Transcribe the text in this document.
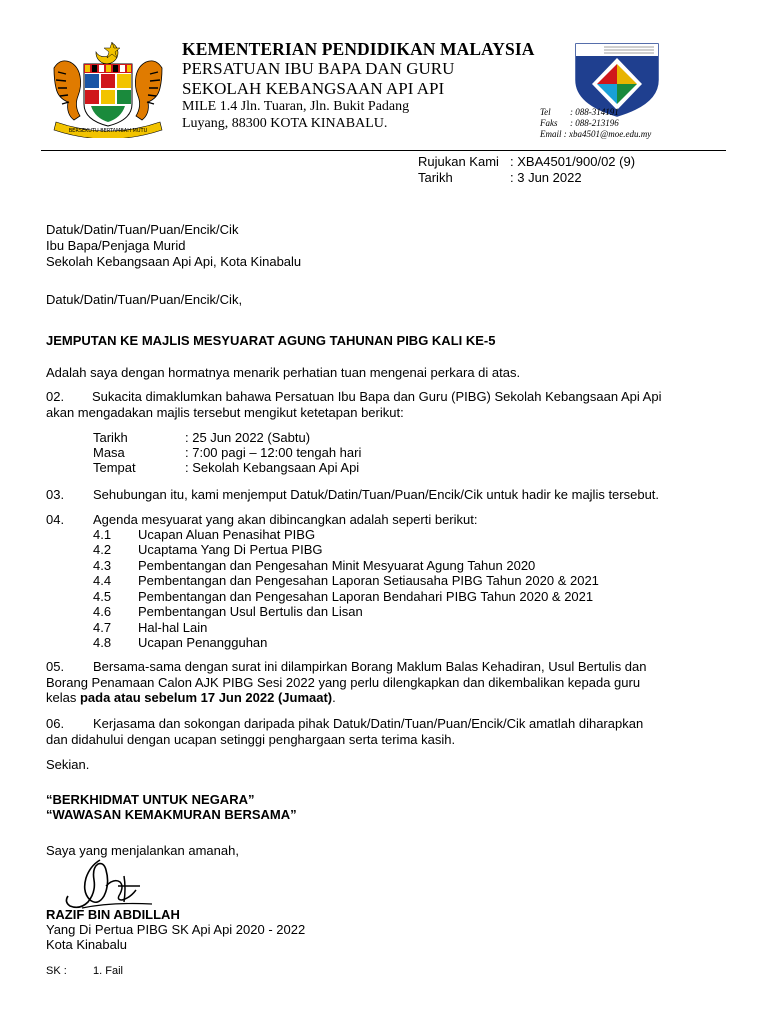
BERSEKUTU BERTAMBAH MUTU
KEMENTERIAN PENDIDIKAN MALAYSIA
PERSATUAN IBU BAPA DAN GURU
SEKOLAH KEBANGSAAN API API
MILE 1.4 Jln. Tuaran, Jln. Bukit Padang
Luyang, 88300 KOTA KINABALU.
Tel : 088-314191
Faks : 088-213196
Email : xba4501@moe.edu.my
Rujukan Kami : XBA4501/900/02 (9)
Tarikh	: 3 Jun 2022
Datuk/Datin/Tuan/Puan/Encik/Cik
Ibu Bapa/Penjaga Murid
Sekolah Kebangsaan Api Api, Kota Kinabalu
Datuk/Datin/Tuan/Puan/Encik/Cik,
JEMPUTAN KE MAJLIS MESYUARAT AGUNG TAHUNAN PIBG KALI KE-5
Adalah saya dengan hormatnya menarik perhatian tuan mengenai perkara di atas.
02. Sukacita dimaklumkan bahawa Persatuan Ibu Bapa dan Guru (PIBG) Sekolah Kebangsaan Api Api
akan mengadakan majlis tersebut mengikut ketetapan berikut:
Tarikh	: 25 Jun 2022 (Sabtu)
Masa	: 7:00 pagi – 12:00 tengah hari
Tempat	: Sekolah Kebangsaan Api Api
03. Sehubungan itu, kami menjemput Datuk/Datin/Tuan/Puan/Encik/Cik untuk hadir ke majlis tersebut.
04. Agenda mesyuarat yang akan dibincangkan adalah seperti berikut:
4.1 Ucapan Aluan Penasihat PIBG
4.2 Ucaptama Yang Di Pertua PIBG
4.3 Pembentangan dan Pengesahan Minit Mesyuarat Agung Tahun 2020
4.4 Pembentangan dan Pengesahan Laporan Setiausaha PIBG Tahun 2020 & 2021
4.5 Pembentangan dan Pengesahan Laporan Bendahari PIBG Tahun 2020 & 2021
4.6 Pembentangan Usul Bertulis dan Lisan
4.7 Hal-hal Lain
4.8 Ucapan Penangguhan
05. Bersama-sama dengan surat ini dilampirkan Borang Maklum Balas Kehadiran, Usul Bertulis dan
Borang Penamaan Calon AJK PIBG Sesi 2022 yang perlu dilengkapkan dan dikembalikan kepada guru
kelas pada atau sebelum 17 Jun 2022 (Jumaat).
06. Kerjasama dan sokongan daripada pihak Datuk/Datin/Tuan/Puan/Encik/Cik amatlah diharapkan
dan didahului dengan ucapan setinggi penghargaan serta terima kasih.
Sekian.
“BERKHIDMAT UNTUK NEGARA”
“WAWASAN KEMAKMURAN BERSAMA”
Saya yang menjalankan amanah,
RAZIF BIN ABDILLAH
Yang Di Pertua PIBG SK Api Api 2020 - 2022
Kota Kinabalu
SK : 1. Fail
